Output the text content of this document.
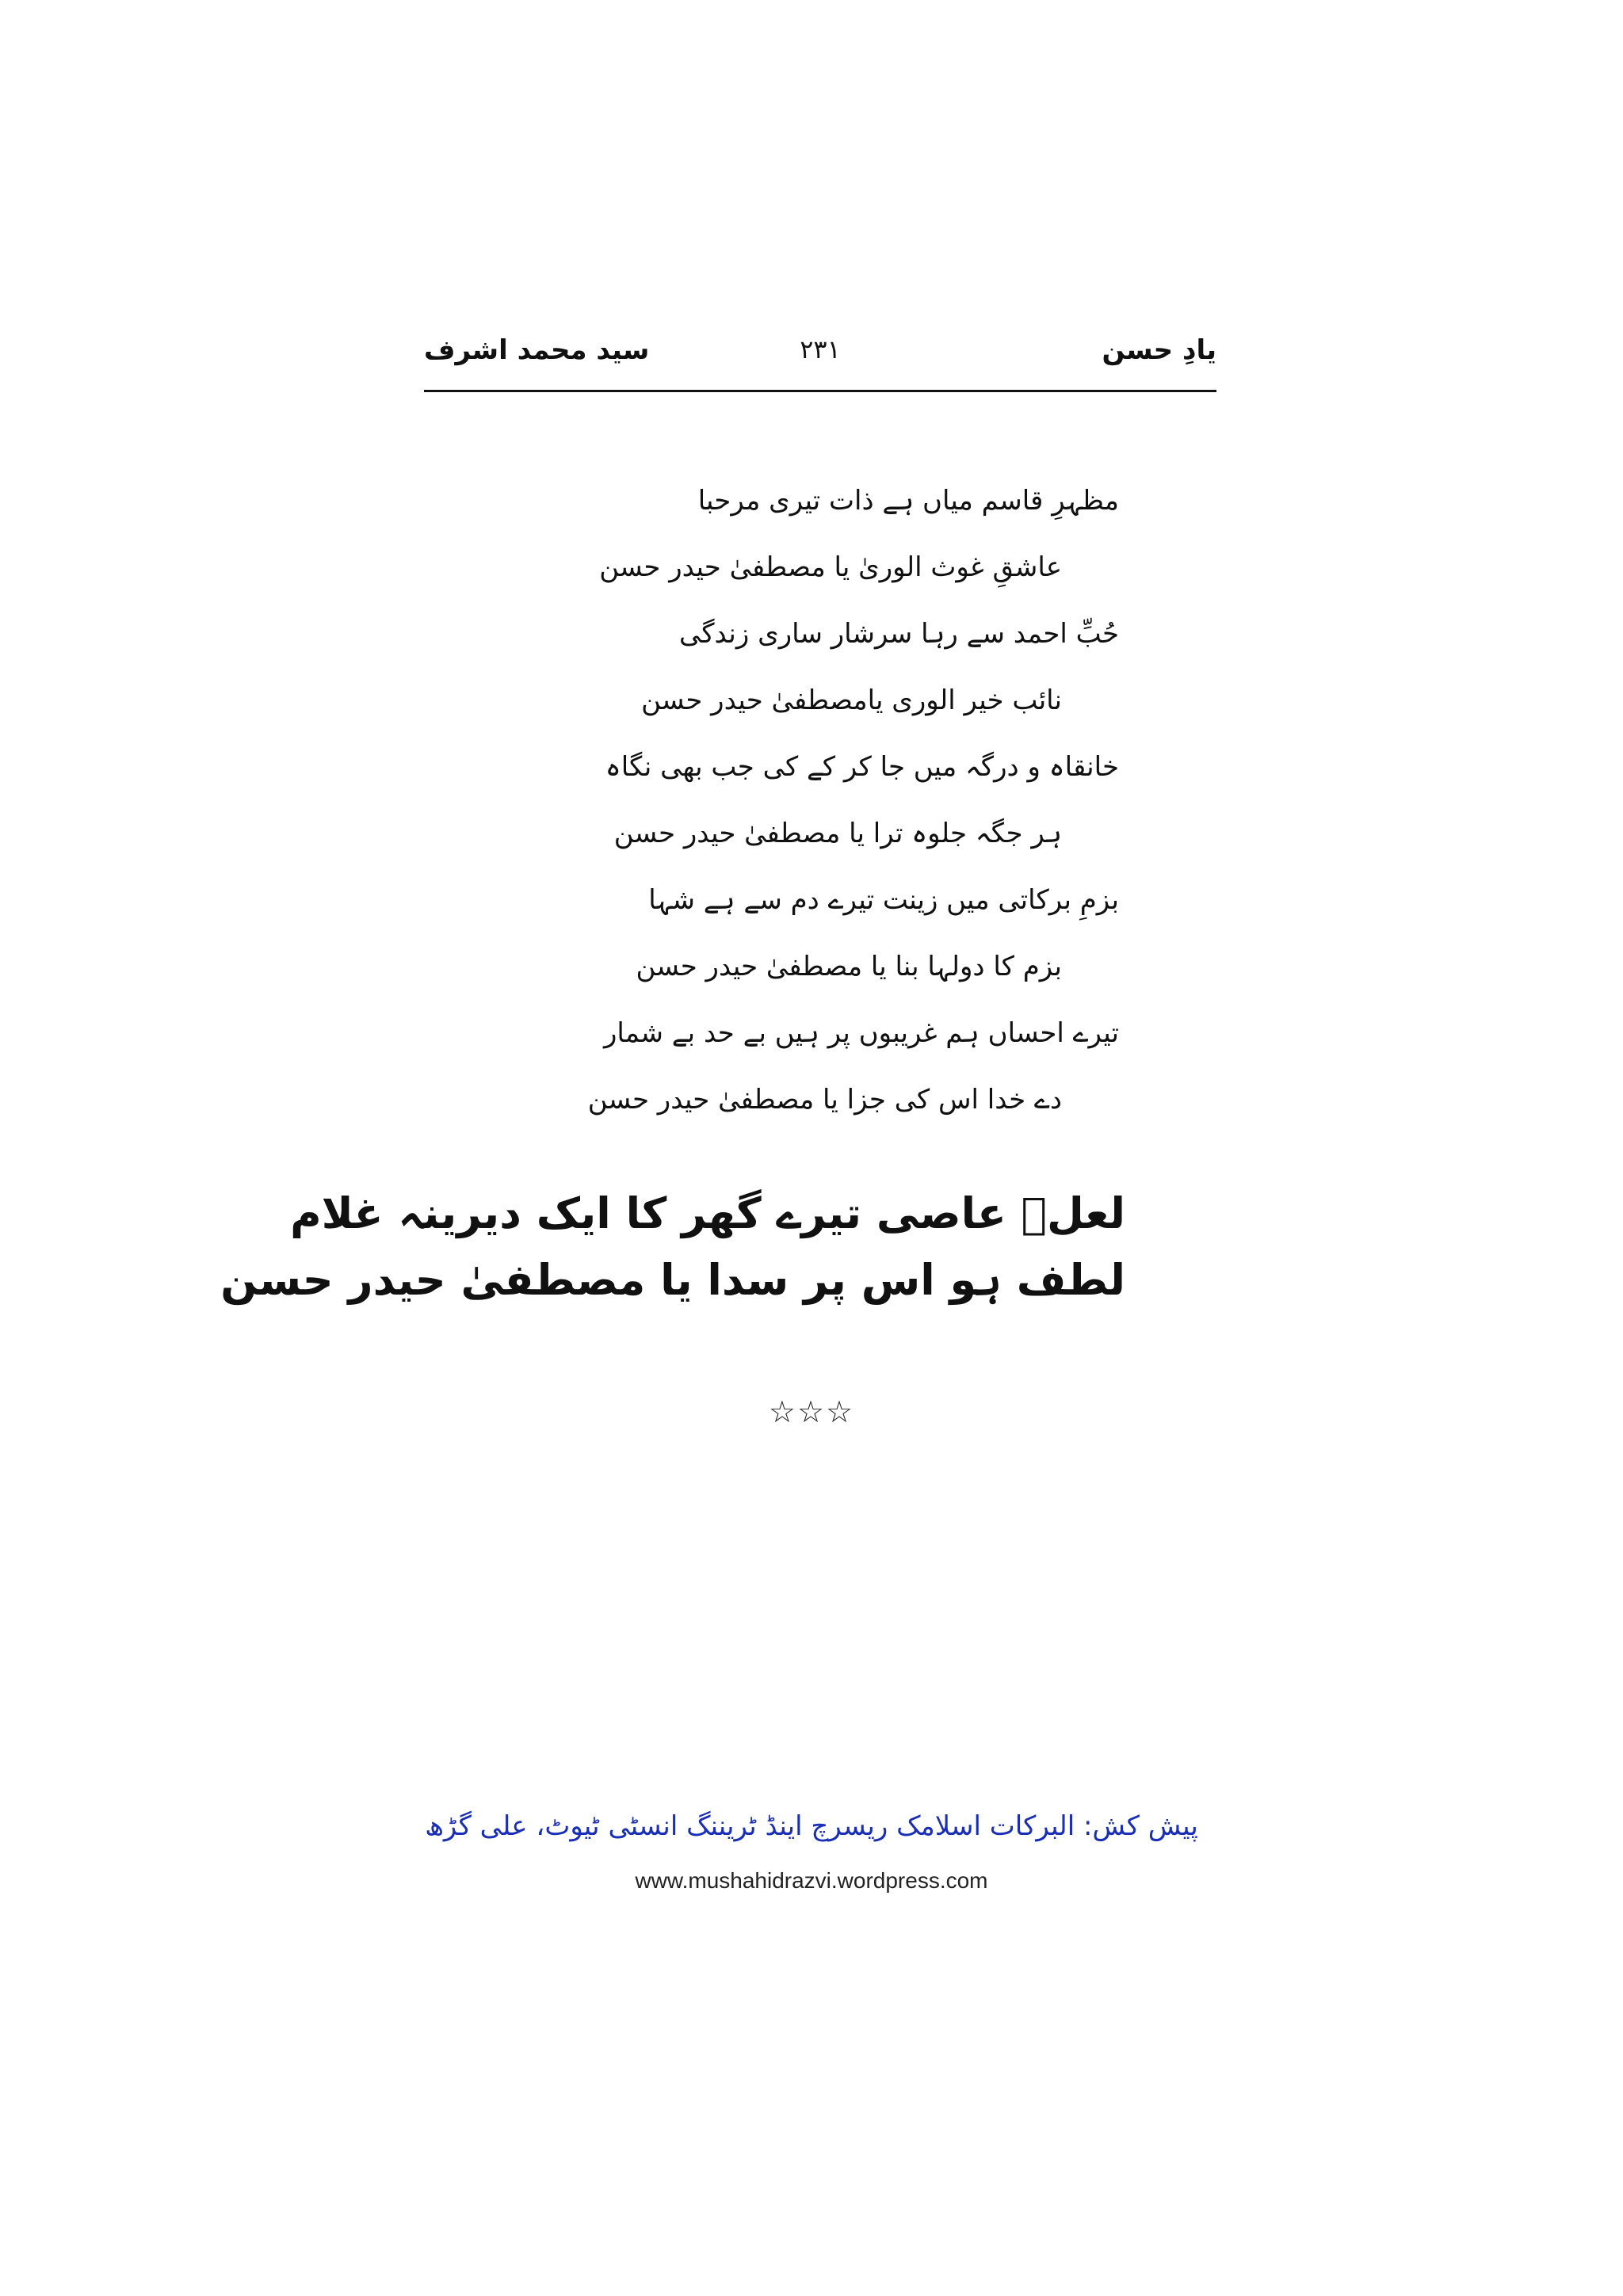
یادِ حسن
۲۳۱
سید محمد اشرف
مظہرِ قاسم میاں ہے ذات تیری مرحبا
عاشقِ غوث الوریٰ یا مصطفیٰ حیدر حسن
حُبِّ احمد سے رہا سرشار ساری زندگی
نائب خیر الوری یامصطفیٰ حیدر حسن
خانقاہ و درگہ میں جا کر کے کی جب بھی نگاہ
ہر جگہ جلوہ ترا یا مصطفیٰ حیدر حسن
بزمِ برکاتی میں زینت تیرے دم سے ہے شہا
بزم کا دولہا بنا یا مصطفیٰ حیدر حسن
تیرے احساں ہم غریبوں پر ہیں بے حد بے شمار
دے خدا اس کی جزا یا مصطفیٰ حیدر حسن
لعلؔ عاصی تیرے گھر کا ایک دیرینہ غلام
لطف ہو اس پر سدا یا مصطفیٰ حیدر حسن
☆☆☆
پیش کش: البرکات اسلامک ریسرچ اینڈ ٹریننگ انسٹی ٹیوٹ، علی گڑھ
www.mushahidrazvi.wordpress.com
